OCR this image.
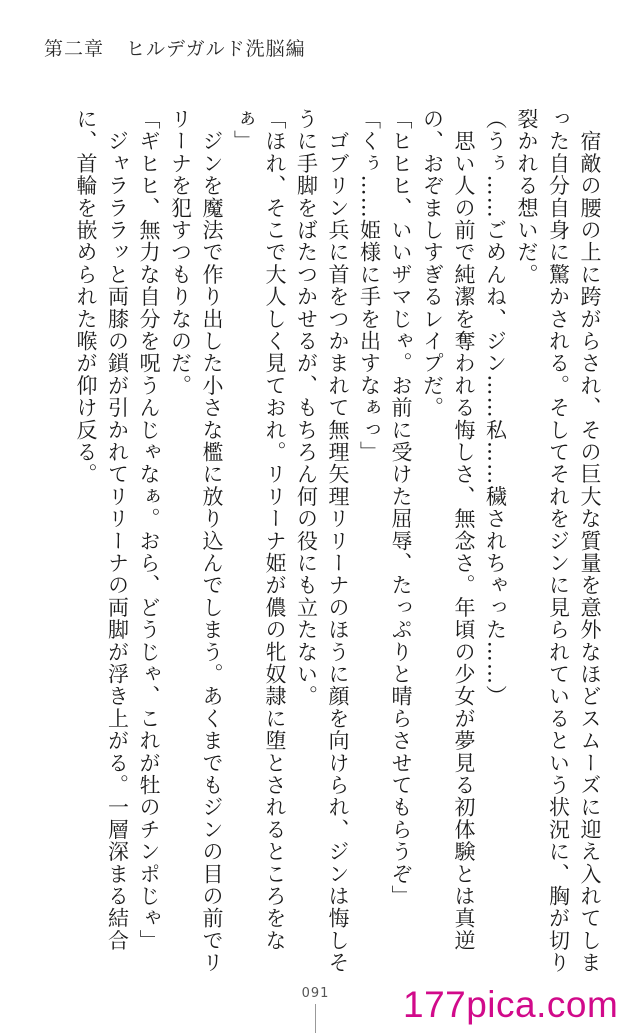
第二章 ヒルデガルド洗脳編

　宿敵の腰の上に跨がらされ、その巨大な質量を意外なほどスムーズに迎え入れてしまった自分自身に驚かされる。そしてそれをジンに見られているという状況に、胸が切り裂かれる想いだ。

（うぅ……ごめんね、ジン……私……穢されちゃった……）

　思い人の前で純潔を奪われる悔しさ、無念さ。年頃の少女が夢見る初体験とは真逆の、おぞましすぎるレイプだ。

「ヒヒヒ、いいザマじゃ。お前に受けた屈辱、たっぷりと晴らさせてもらうぞ」

「くぅ……姫様に手を出すなぁっ」

　ゴブリン兵に首をつかまれて無理矢理リリーナのほうに顔を向けられ、ジンは悔しそうに手脚をばたつかせるが、もちろん何の役にも立たない。

「ほれ、そこで大人しく見ておれ。リリーナ姫が儂の牝奴隷に堕とされるところをなぁ」

　ジンを魔法で作り出した小さな檻に放り込んでしまう。あくまでもジンの目の前でリリーナを犯すつもりなのだ。

「ギヒヒ、無力な自分を呪うんじゃなぁ。おら、どうじゃ、これが牡のチンポじゃ」

　ジャラララッと両膝の鎖が引かれてリリーナの両脚が浮き上がる。一層深まる結合に、首輪を嵌められた喉が仰け反る。

091	177pica.com
